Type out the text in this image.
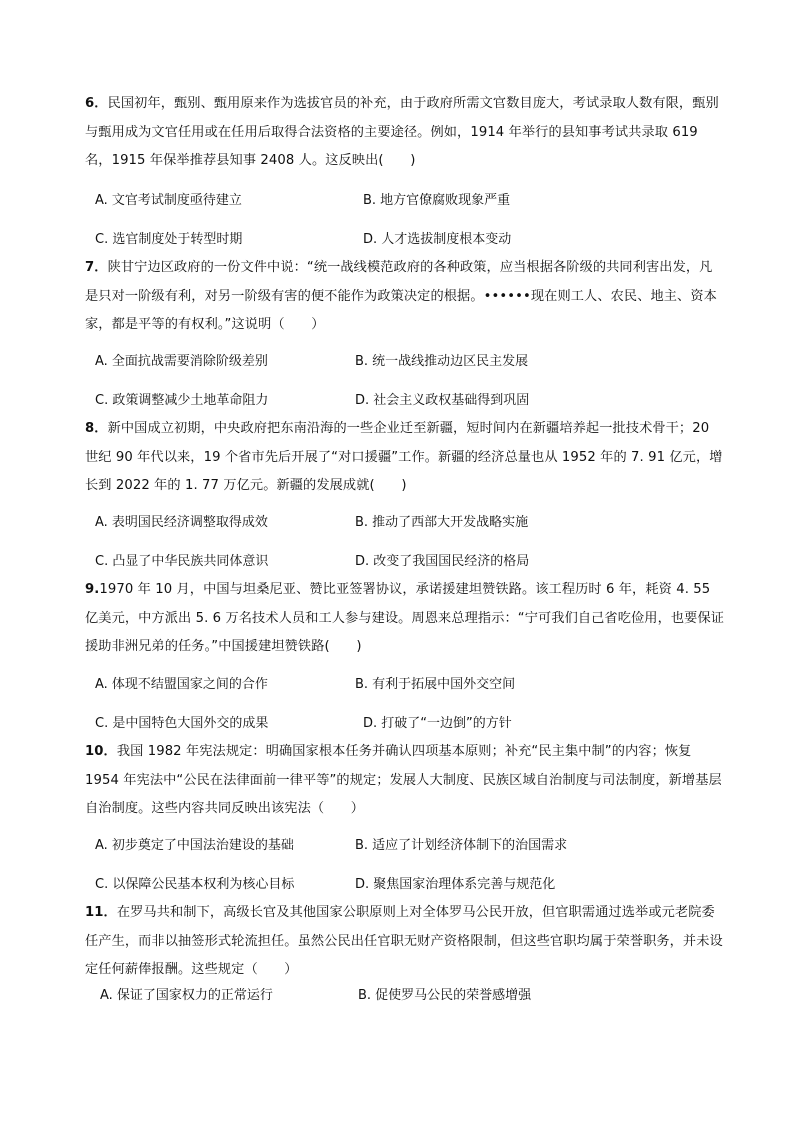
6．民国初年，甄别、甄用原来作为选拔官员的补充，由于政府所需文官数目庞大，考试录取人数有限，甄别与甄用成为文官任用或在任用后取得合法资格的主要途径。例如，1914 年举行的县知事考试共录取 619 名，1915 年保举推荐县知事 2408 人。这反映出(　　)

A. 文官考试制度亟待建立	B. 地方官僚腐败现象严重

C. 选官制度处于转型时期	D. 人才选拔制度根本变动

7．陕甘宁边区政府的一份文件中说：“统一战线模范政府的各种政策，应当根据各阶级的共同利害出发，凡是只对一阶级有利，对另一阶级有害的便不能作为政策决定的根据。••••••现在则工人、农民、地主、资本家，都是平等的有权利。”这说明（　　）

A. 全面抗战需要消除阶级差别	B. 统一战线推动边区民主发展

C. 政策调整减少土地革命阻力	D. 社会主义政权基础得到巩固

8．新中国成立初期，中央政府把东南沿海的一些企业迁至新疆，短时间内在新疆培养起一批技术骨干；20 世纪 90 年代以来，19 个省市先后开展了“对口援疆”工作。新疆的经济总量也从 1952 年的 7. 91 亿元，增长到 2022 年的 1. 77 万亿元。新疆的发展成就(　　)

A. 表明国民经济调整取得成效	B. 推动了西部大开发战略实施

C. 凸显了中华民族共同体意识	D. 改变了我国国民经济的格局

9.1970 年 10 月，中国与坦桑尼亚、赞比亚签署协议，承诺援建坦赞铁路。该工程历时 6 年，耗资 4. 55 亿美元，中方派出 5. 6 万名技术人员和工人参与建设。周恩来总理指示：“宁可我们自己省吃俭用，也要保证援助非洲兄弟的任务。”中国援建坦赞铁路(　　)

A. 体现不结盟国家之间的合作	B. 有利于拓展中国外交空间

C. 是中国特色大国外交的成果	D. 打破了“一边倒”的方针

10．我国 1982 年宪法规定：明确国家根本任务并确认四项基本原则；补充“民主集中制”的内容；恢复 1954 年宪法中“公民在法律面前一律平等”的规定；发展人大制度、民族区域自治制度与司法制度，新增基层自治制度。这些内容共同反映出该宪法（　　）

A. 初步奠定了中国法治建设的基础	B. 适应了计划经济体制下的治国需求

C. 以保障公民基本权利为核心目标	D. 聚焦国家治理体系完善与规范化

11．在罗马共和制下，高级长官及其他国家公职原则上对全体罗马公民开放，但官职需通过选举或元老院委任产生，而非以抽签形式轮流担任。虽然公民出任官职无财产资格限制，但这些官职均属于荣誉职务，并未设定任何薪俸报酬。这些规定（　　）

A. 保证了国家权力的正常运行	B. 促使罗马公民的荣誉感增强
